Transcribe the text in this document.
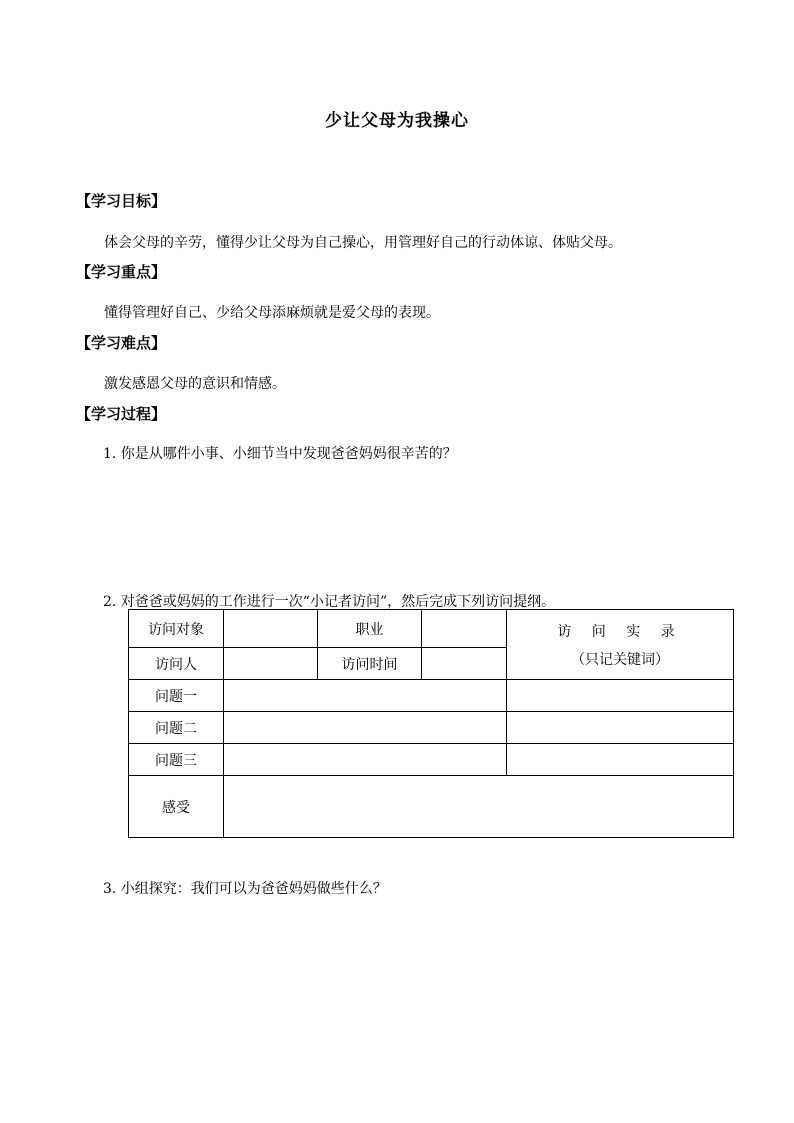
少让父母为我操心
【学习目标】
体会父母的辛劳，懂得少让父母为自己操心，用管理好自己的行动体谅、体贴父母。
【学习重点】
懂得管理好自己、少给父母添麻烦就是爱父母的表现。
【学习难点】
激发感恩父母的意识和情感。
【学习过程】
1. 你是从哪件小事、小细节当中发现爸爸妈妈很辛苦的？
2. 对爸爸或妈妈的工作进行一次“小记者访问”，然后完成下列访问提纲。
访问对象		职业		访 问 实 录
（只记关键词）
访问人		访问时间		
问题一				
问题二				
问题三				
感受				
3. 小组探究：我们可以为爸爸妈妈做些什么？
